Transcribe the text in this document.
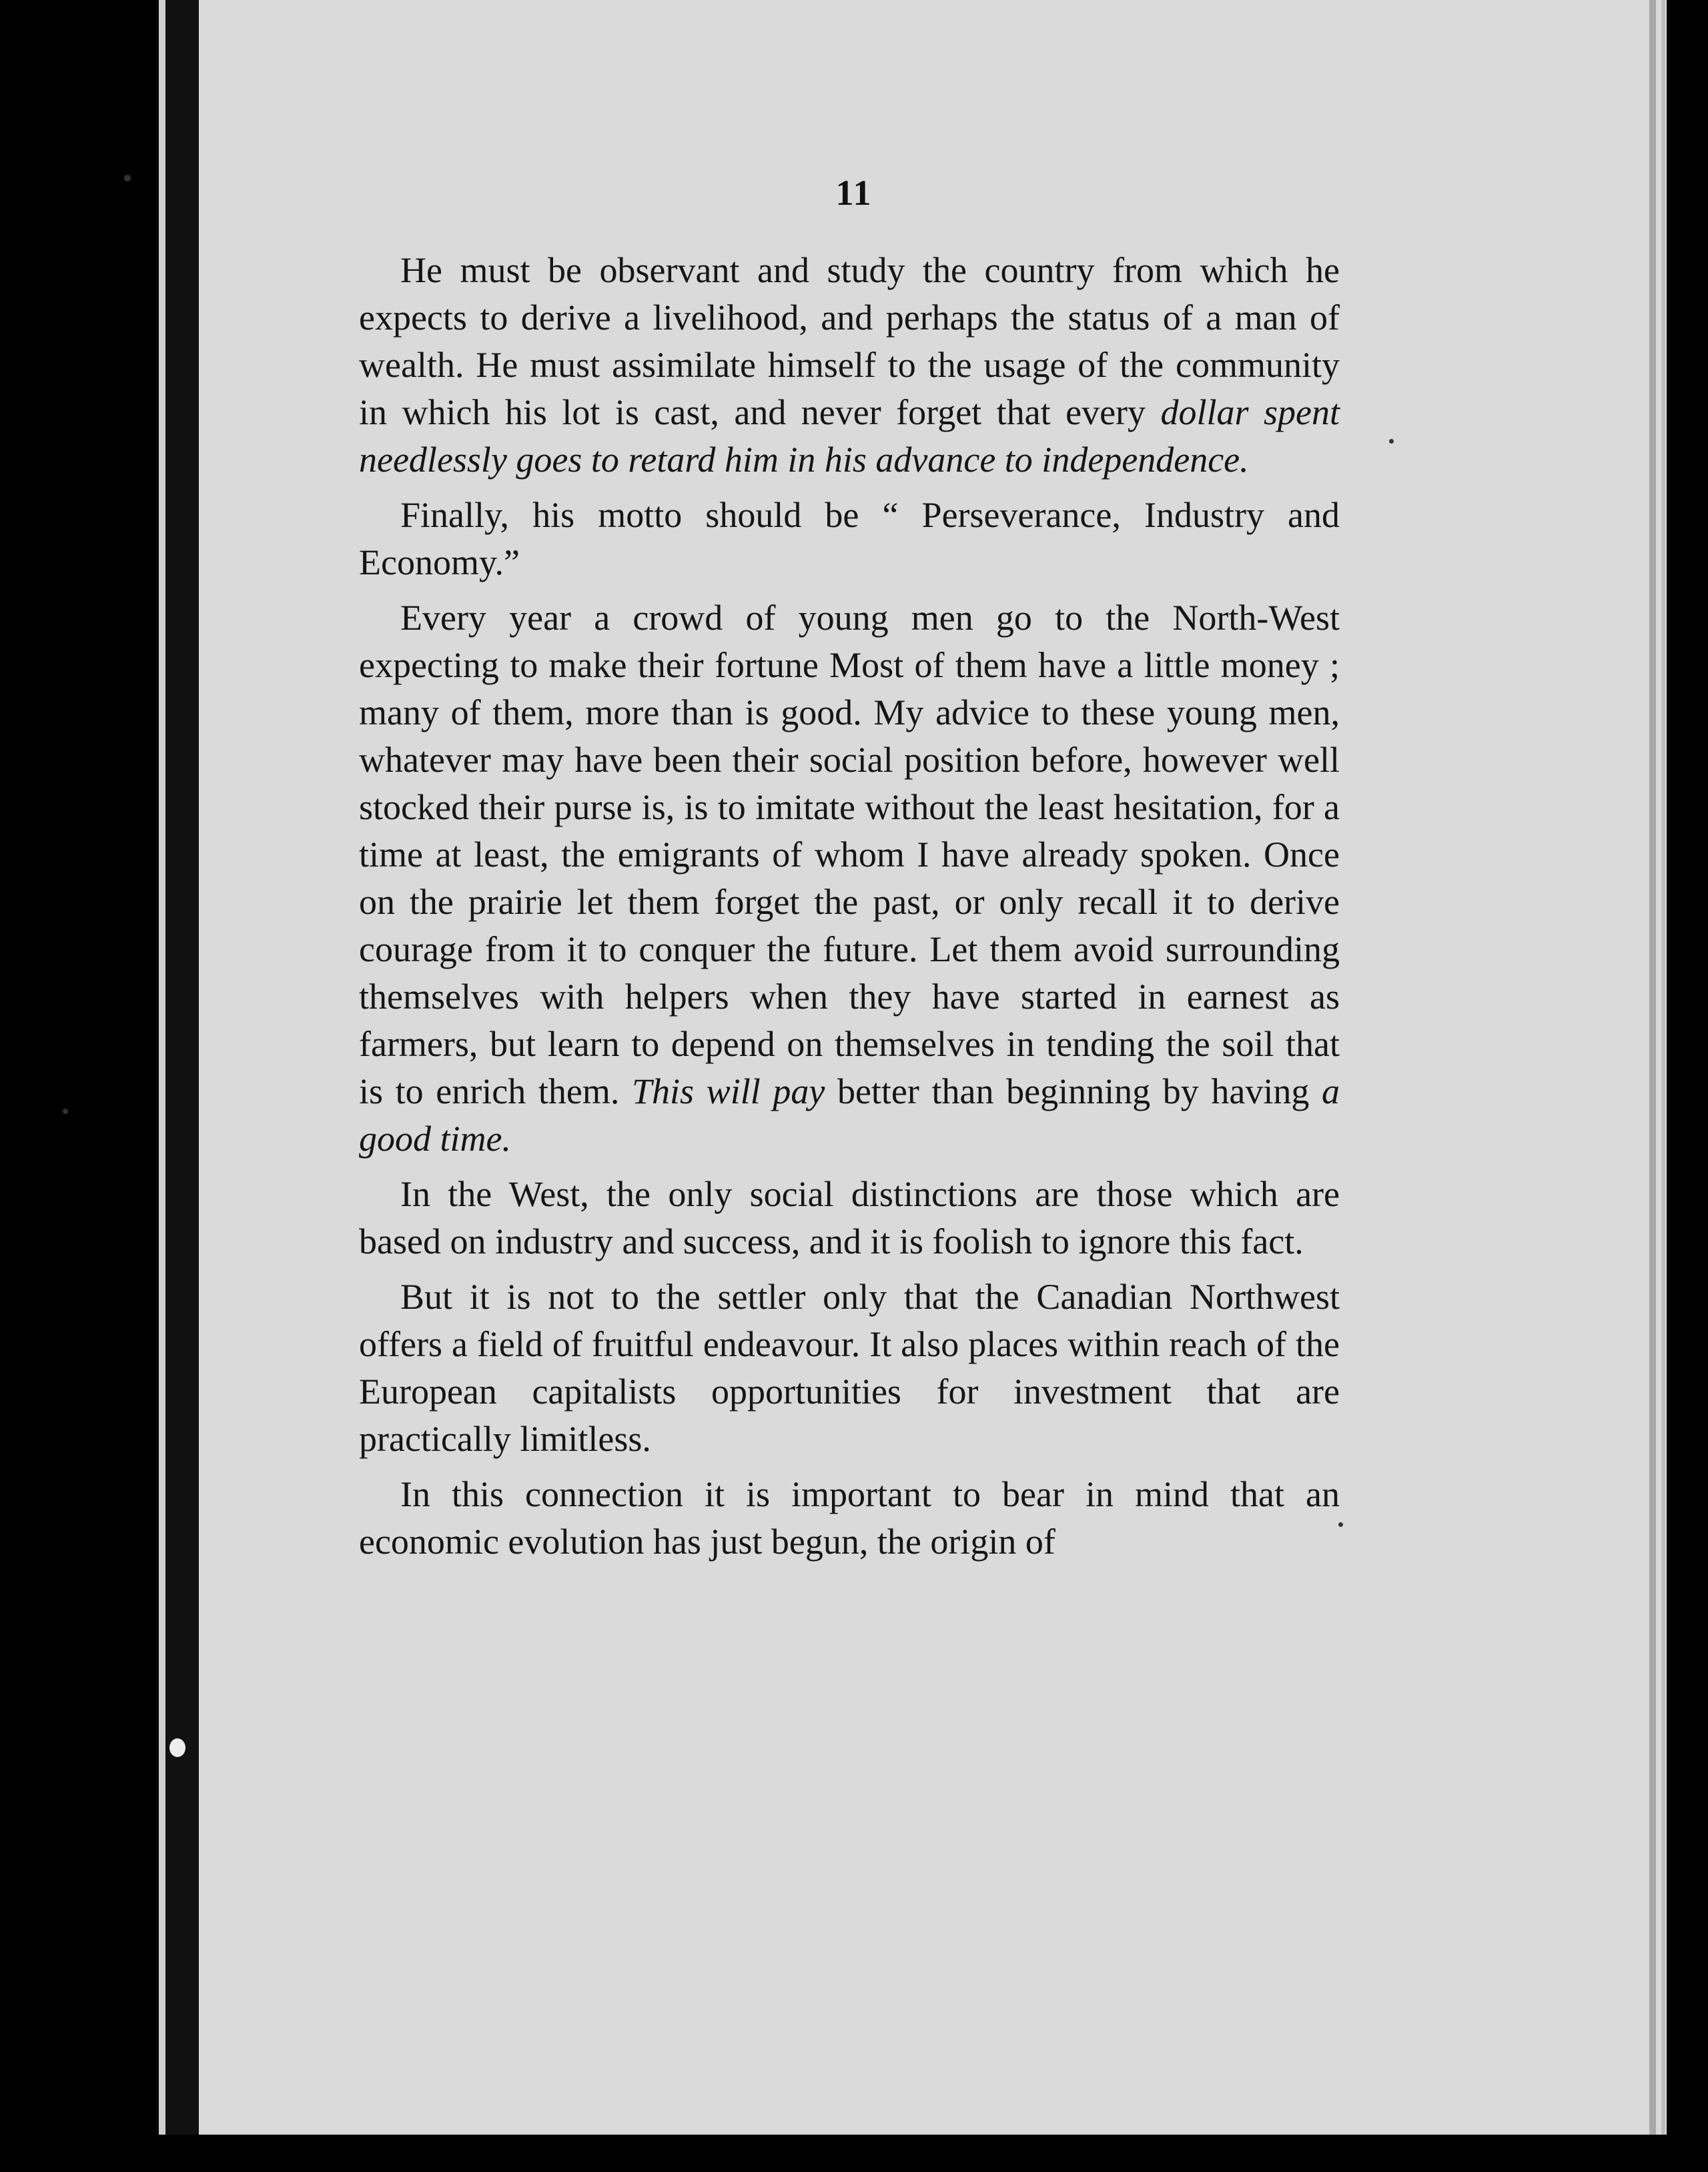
11

He must be observant and study the country from which he expects to derive a livelihood, and perhaps the status of a man of wealth. He must assimilate himself to the usage of the community in which his lot is cast, and never forget that every dollar spent needlessly goes to retard him in his advance to independence.

Finally, his motto should be “ Perseverance, Industry and Economy.”

Every year a crowd of young men go to the North-West expecting to make their fortune Most of them have a little money ; many of them, more than is good. My advice to these young men, whatever may have been their social position before, however well stocked their purse is, is to imitate without the least hesitation, for a time at least, the emigrants of whom I have already spoken. Once on the prairie let them forget the past, or only recall it to derive courage from it to conquer the future. Let them avoid surrounding themselves with helpers when they have started in earnest as farmers, but learn to depend on themselves in tending the soil that is to enrich them. This will pay better than beginning by having a good time.

In the West, the only social distinctions are those which are based on industry and success, and it is foolish to ignore this fact.

But it is not to the settler only that the Canadian Northwest offers a field of fruitful endeavour. It also places within reach of the European capitalists opportunities for investment that are practically limitless.

In this connection it is important to bear in mind that an economic evolution has just begun, the origin of
